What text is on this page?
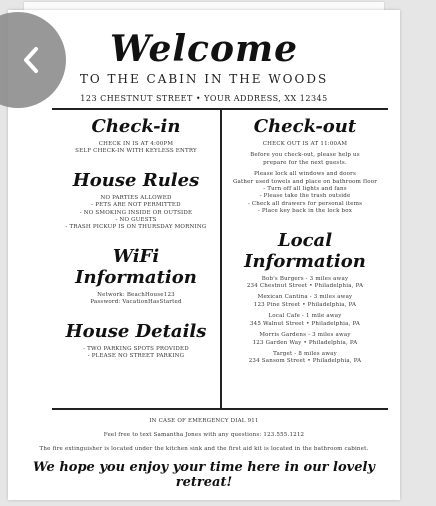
Welcome
TO THE CABIN IN THE WOODS
123 CHESTNUT STREET • YOUR ADDRESS, XX 12345
Check-in
CHECK IN IS AT 4:00PM
SELF CHECK-IN WITH KEYLESS ENTRY
House Rules
NO PARTIES ALLOWED
- PETS ARE NOT PERMITTED
- NO SMOKING INSIDE OR OUTSIDE
- NO GUESTS
- TRASH PICKUP IS ON THURSDAY MORNING
WiFi Information
Network: BeachHouse123
Password: VacationHasStarted
House Details
- TWO PARKING SPOTS PROVIDED
- PLEASE NO STREET PARKING
Check-out
CHECK OUT IS AT 11:00AM
Before you check-out, please help us
prepare for the next guests.
Please lock all windows and doors
Gather used towels and place on bathroom floor
- Turn off all lights and fans
- Please take the trash outside
- Check all drawers for personal items
- Place key back in the lock box
Local Information
Bob's Burgers - 3 miles away
234 Chestnut Street • Philadelphia, PA
Mexican Cantina - 3 miles away
123 Pine Street • Philadelphia, PA
Local Cafe - 1 mile away
345 Walnut Street • Philadelphia, PA
Morris Gardens - 3 miles away
123 Garden Way • Philadelphia, PA
Target - 8 miles away
234 Sansom Street • Philadelphia, PA
IN CASE OF EMERGENCY DIAL 911
Feel free to text Samantha Jones with any questions: 123.555.1212
The fire extinguisher is located under the kitchen sink and the first aid kit is located in the bathroom cabinet.
We hope you enjoy your time here in our lovely retreat!
